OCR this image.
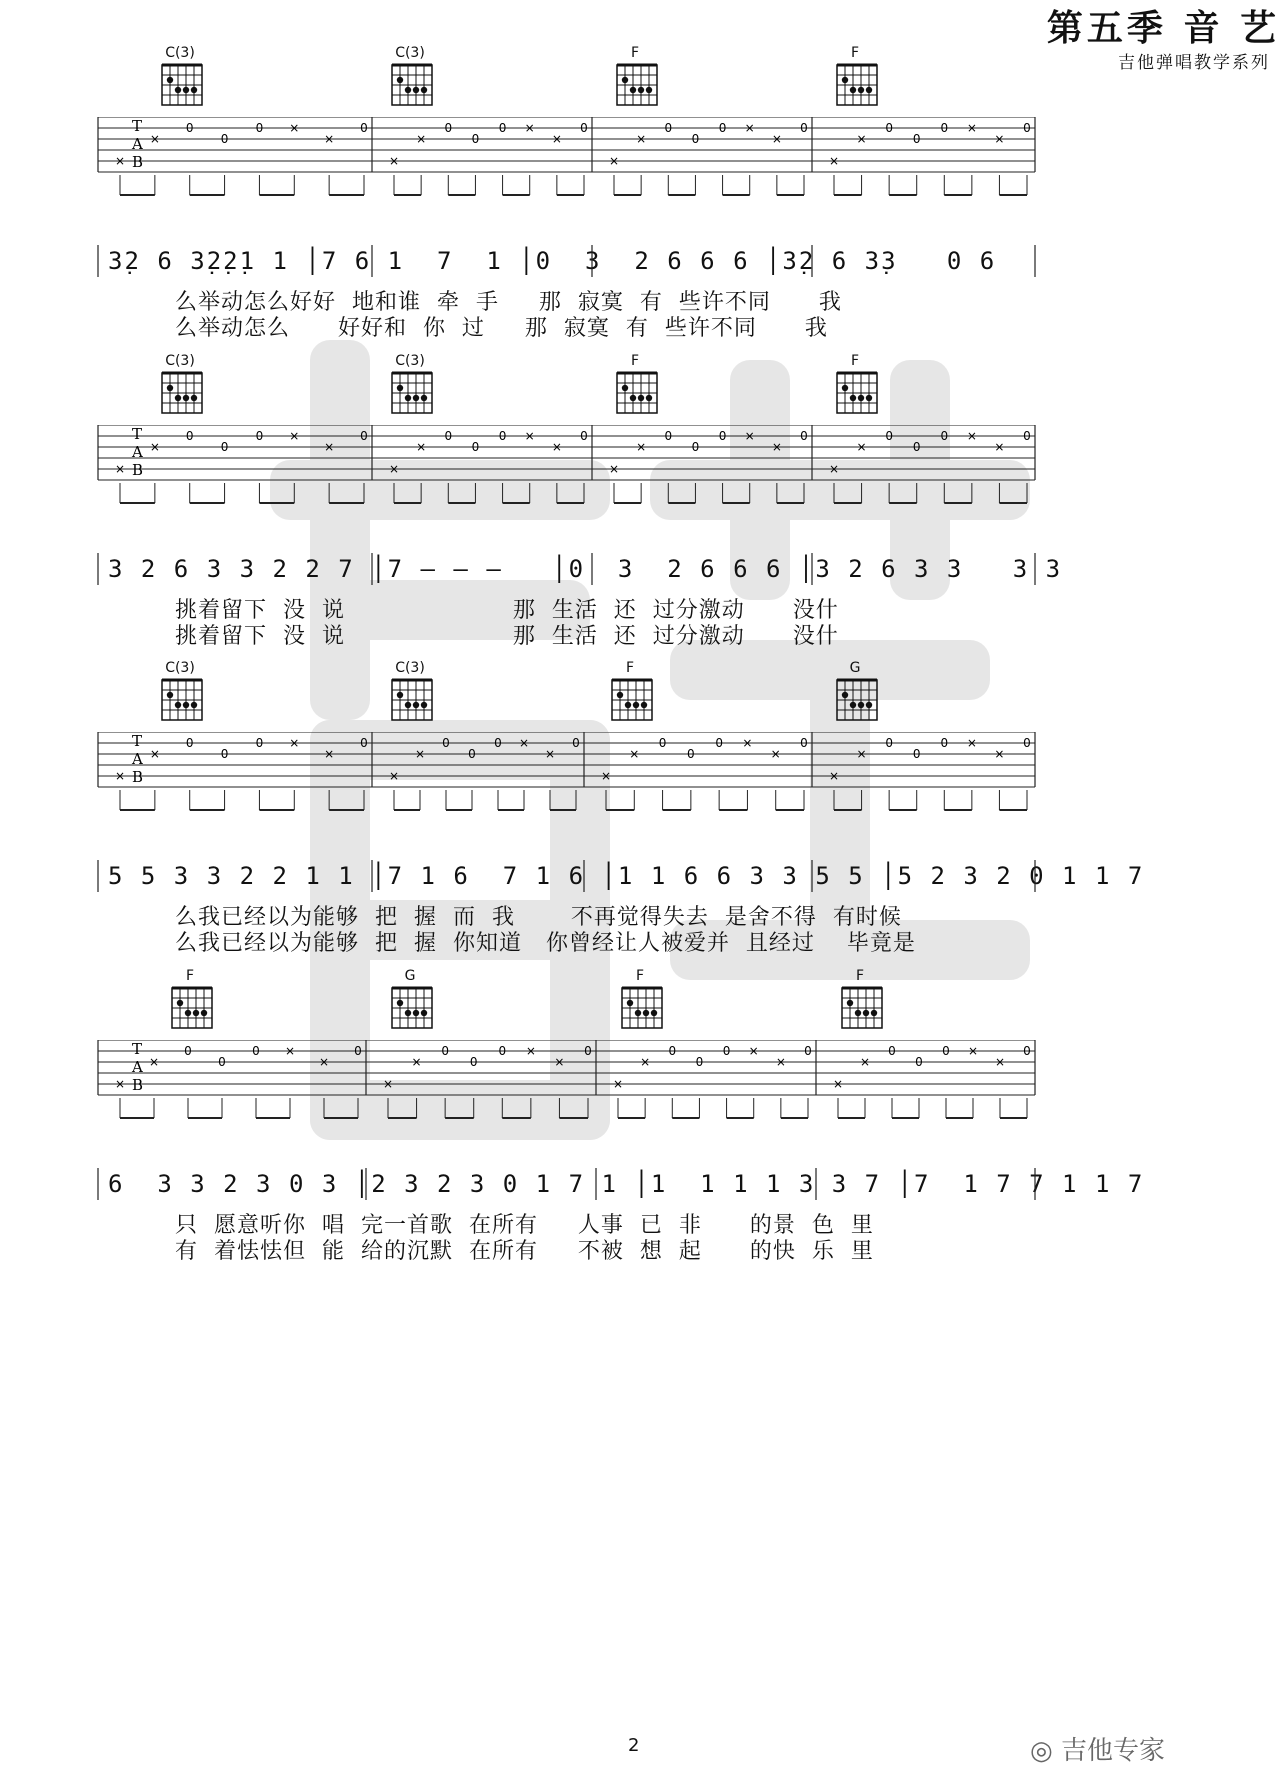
第五季 音 艺
吉他弹唱教学系列
C(3)	C(3)	F	F
T
A
B
×
×
0
0
0 ×
×
0
×
×
0
0
0 ×
×
0
×
×
0
0
0 ×
×
0
×
×
0
0
0 ×
×
0
3̣2 6 3̣2̣2̣1 1 │7 6 1  7  1 │0  3  2 6 6 6 │3̣2 6 3̣3   0 6
么举动怎么好好  地和谁  牵  手     那  寂寞  有  些许不同      我
么举动怎么      好好和  你  过     那  寂寞  有  些许不同      我
C(3)	C(3)	F	F
T
A
B
×
×
0
0
0 ×
×
0
×
×
0
0
0 ×
×
0
×
×
0
0
0 ×
×
0
×
×
0
0
0 ×
×
0
3 2 6 3 3 2 2 7 │7 – – –   │0  3  2 6 6 6 │3 2 6 3 3   3 3
挑着留下  没  说                     那  生活  还  过分激动      没什
挑着留下  没  说                     那  生活  还  过分激动      没什
C(3)	C(3)	F	G
T
A
B
×
×
0
0
0 ×
×
0
×
×
0
0
0 ×
×
0
×
×
0
0
0 ×
×
0
×
×
0
0
0 ×
×
0
5 5 3 3 2 2 1 1 │7 1 6  7 1 6 │1 1 6 6 3 3 5 5 │5 2 3 2 0 1 1 7
么我已经以为能够  把  握  而  我       不再觉得失去  是舍不得  有时候
么我已经以为能够  把  握  你知道   你曾经让人被爱并  且经过    毕竟是
F	G	F	F
T
A
B
×
×
0
0
0 ×
×
0
×
×
0
0
0 ×
×
0
×
×
0
0
0 ×
×
0
×
×
0
0
0 ×
×
0
6  3 3 2 3 0 3 │2 3 2 3 0 1 7 1 │1  1 1 1 3 3 7 │7  1 7 7 1 1 7
只  愿意听你  唱  完一首歌  在所有     人事  已  非      的景  色  里
有  着怯怯但  能  给的沉默  在所有     不被  想  起      的快  乐  里
2	◎ 吉他专家
